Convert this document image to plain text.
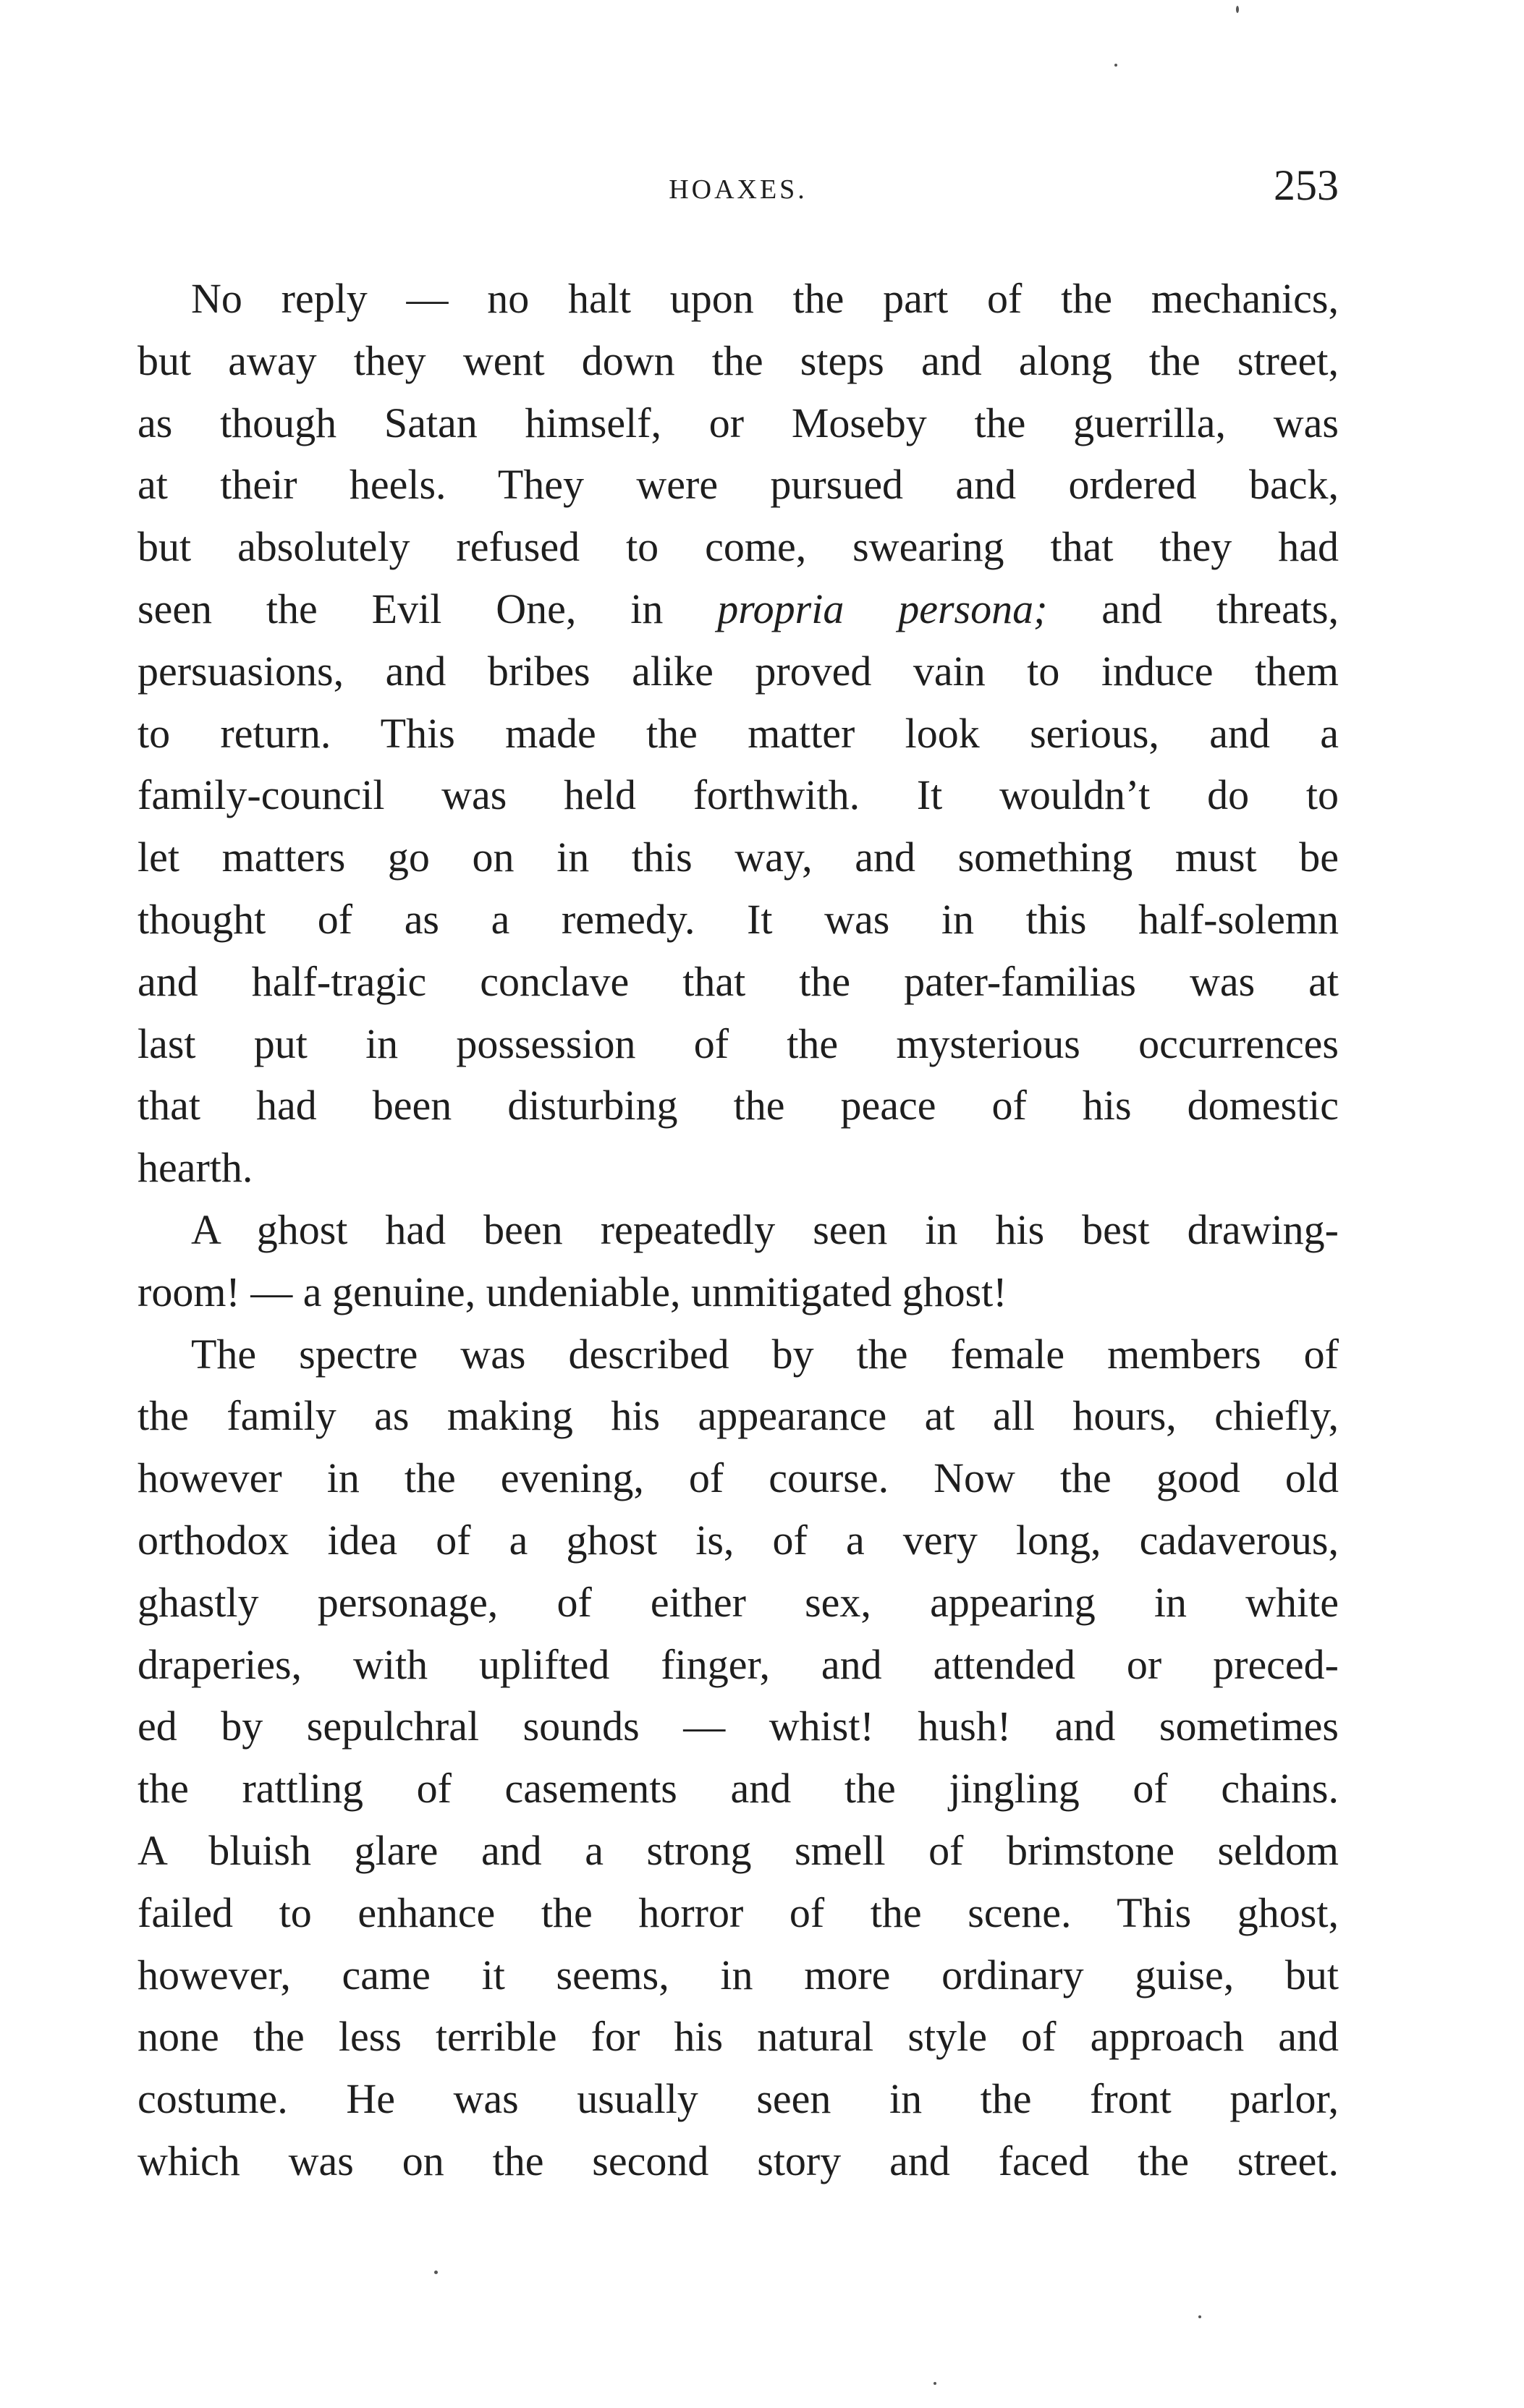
HOAXES.	253
No reply — no halt upon the part of the mechanics,
but away they went down the steps and along the street,
as though Satan himself, or Moseby the guerrilla, was
at their heels. They were pursued and ordered back,
but absolutely refused to come, swearing that they had
seen the Evil One, in propria persona; and threats,
persuasions, and bribes alike proved vain to induce them
to return. This made the matter look serious, and a
family-council was held forthwith. It wouldn’t do to
let matters go on in this way, and something must be
thought of as a remedy. It was in this half-solemn
and half-tragic conclave that the pater-familias was at
last put in possession of the mysterious occurrences
that had been disturbing the peace of his domestic
hearth.
A ghost had been repeatedly seen in his best drawing-
room! — a genuine, undeniable, unmitigated ghost!
The spectre was described by the female members of
the family as making his appearance at all hours, chiefly,
however in the evening, of course. Now the good old
orthodox idea of a ghost is, of a very long, cadaverous,
ghastly personage, of either sex, appearing in white
draperies, with uplifted finger, and attended or preced-
ed by sepulchral sounds — whist! hush! and sometimes
the rattling of casements and the jingling of chains.
A bluish glare and a strong smell of brimstone seldom
failed to enhance the horror of the scene. This ghost,
however, came it seems, in more ordinary guise, but
none the less terrible for his natural style of approach and
costume. He was usually seen in the front parlor,
which was on the second story and faced the street.
